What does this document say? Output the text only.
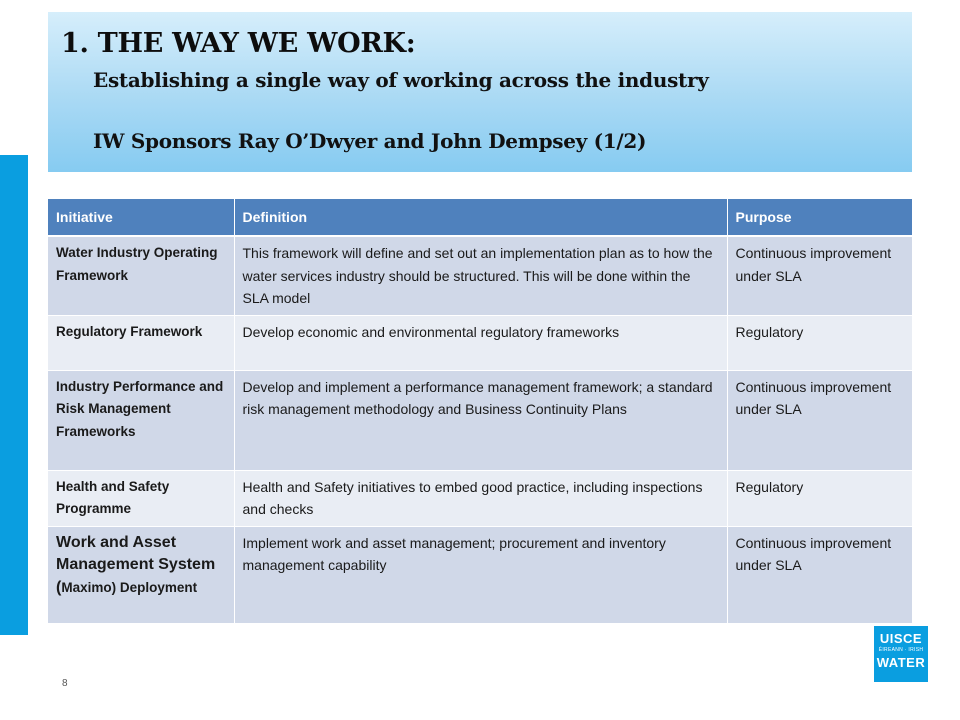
1. THE WAY WE WORK:
Establishing a single way of working across the industry
IW Sponsors Ray O’Dwyer and John Dempsey (1/2)
Initiative	Definition	Purpose
Water Industry Operating Framework	This framework will define and set out an implementation plan as to how the water services industry should be structured. This will be done within the SLA model	Continuous improvement under SLA
Regulatory Framework	Develop economic and environmental regulatory frameworks	Regulatory
Industry Performance and Risk Management Frameworks	Develop and implement a performance management framework; a standard risk management methodology and Business Continuity Plans	Continuous improvement under SLA
Health and Safety Programme	Health and Safety initiatives to embed good practice, including inspections and checks	Regulatory
Work and Asset Management System (Maximo) Deployment	Implement work and asset management; procurement and inventory management capability	Continuous improvement under SLA
8
UISCE
ÉIREANN · IRISH
WATER
